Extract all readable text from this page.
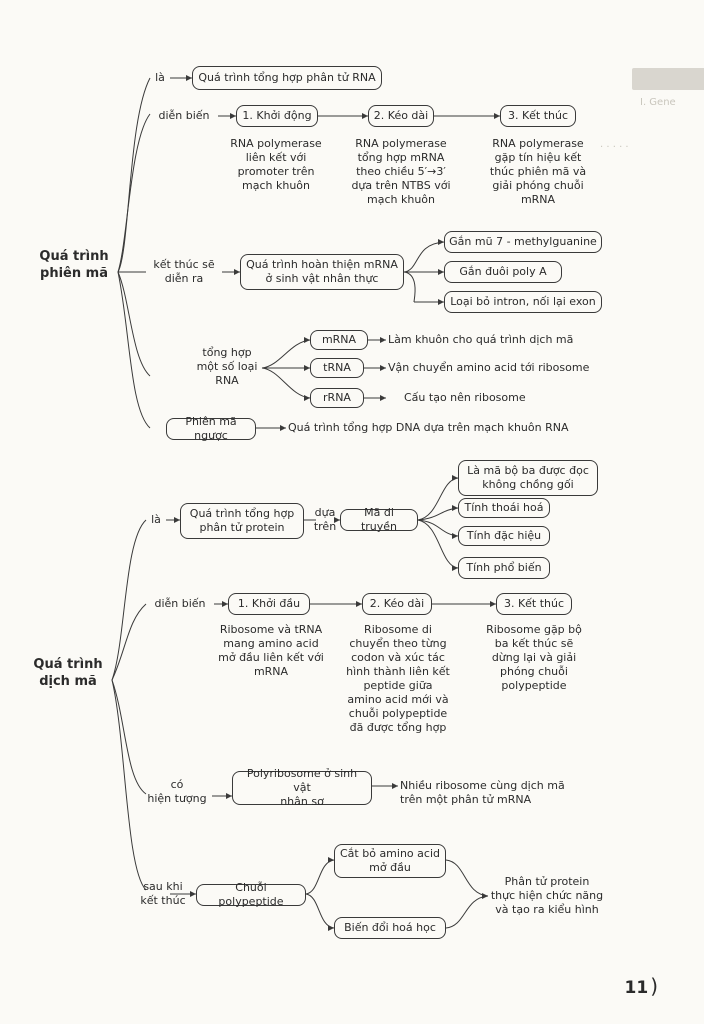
I. Gene
· · · · ·
Quá trình
phiên mã
là	Quá trình tổng hợp phân tử RNA
diễn biến	1. Khởi động	2. Kéo dài	3. Kết thúc
RNA polymerase
liên kết với
promoter trên
mạch khuôn
RNA polymerase
tổng hợp mRNA
theo chiều 5′→3′
dựa trên NTBS với
mạch khuôn
RNA polymerase
gặp tín hiệu kết
thúc phiên mã và
giải phóng chuỗi
mRNA
kết thúc sẽ
diễn ra
Quá trình hoàn thiện mRNA
ở sinh vật nhân thực
Gắn mũ 7 - methylguanine
Gắn đuôi poly A
Loại bỏ intron, nối lại exon
tổng hợp
một số loại
RNA
mRNA
tRNA
rRNA
Làm khuôn cho quá trình dịch mã
Vận chuyển amino acid tới ribosome
Cấu tạo nên ribosome
Phiên mã ngược
Quá trình tổng hợp DNA dựa trên mạch khuôn RNA
Quá trình
dịch mã
là	Quá trình tổng hợp
phân tử protein
dựa
trên
Mã di truyền
Là mã bộ ba được đọc
không chồng gối
Tính thoái hoá
Tính đặc hiệu
Tính phổ biến
diễn biến	1. Khởi đầu	2. Kéo dài	3. Kết thúc
Ribosome và tRNA
mang amino acid
mở đầu liên kết với
mRNA
Ribosome di
chuyển theo từng
codon và xúc tác
hình thành liên kết
peptide giữa
amino acid mới và
chuỗi polypeptide
đã được tổng hợp
Ribosome gặp bộ
ba kết thúc sẽ
dừng lại và giải
phóng chuỗi
polypeptide
có
hiện tượng
Polyribosome ở sinh vật
nhân sơ
Nhiều ribosome cùng dịch mã
trên một phân tử mRNA
sau khi
kết thúc
Chuỗi polypeptide
Cắt bỏ amino acid
mở đầu
Biến đổi hoá học
Phân tử protein
thực hiện chức năng
và tạo ra kiểu hình
11 )
